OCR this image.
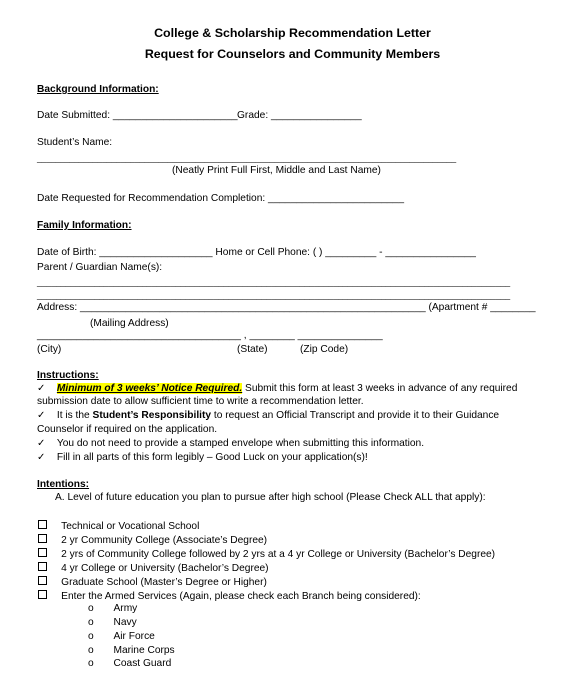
College & Scholarship Recommendation Letter
Request for Counselors and Community Members
Background Information:
Date Submitted: ______________________ Grade: ________________
Student’s Name:
__________________________________________________________________________________________
(Neatly Print Full First, Middle and Last Name)
Date Requested for Recommendation Completion: ________________________
Family Information:
Date of Birth: ____________________ Home or Cell Phone: ( ) _________ - ________________
Parent / Guardian Name(s):
___________________________________________________________________________________________________
___________________________________________________________________________________________________
Address: _____________________________________________________________ (Apartment # ________
(Mailing Address)
____________________________________ , ________ _______________
(City)	(State)	(Zip Code)
Instructions:
✓ Minimum of 3 weeks’ Notice Required. Submit this form at least 3 weeks in advance of any required
submission date to allow sufficient time to write a recommendation letter.
✓ It is the Student’s Responsibility to request an Official Transcript and provide it to their Guidance
Counselor if required on the application.
✓ You do not need to provide a stamped envelope when submitting this information.
✓ Fill in all parts of this form legibly – Good Luck on your application(s)!
Intentions:
A. Level of future education you plan to pursue after high school (Please Check ALL that apply):
Technical or Vocational School
2 yr Community College (Associate’s Degree)
2 yrs of Community College followed by 2 yrs at a 4 yr College or University (Bachelor’s Degree)
4 yr College or University (Bachelor’s Degree)
Graduate School (Master’s Degree or Higher)
Enter the Armed Services (Again, please check each Branch being considered):
o Army
o Navy
o Air Force
o Marine Corps
o Coast Guard
